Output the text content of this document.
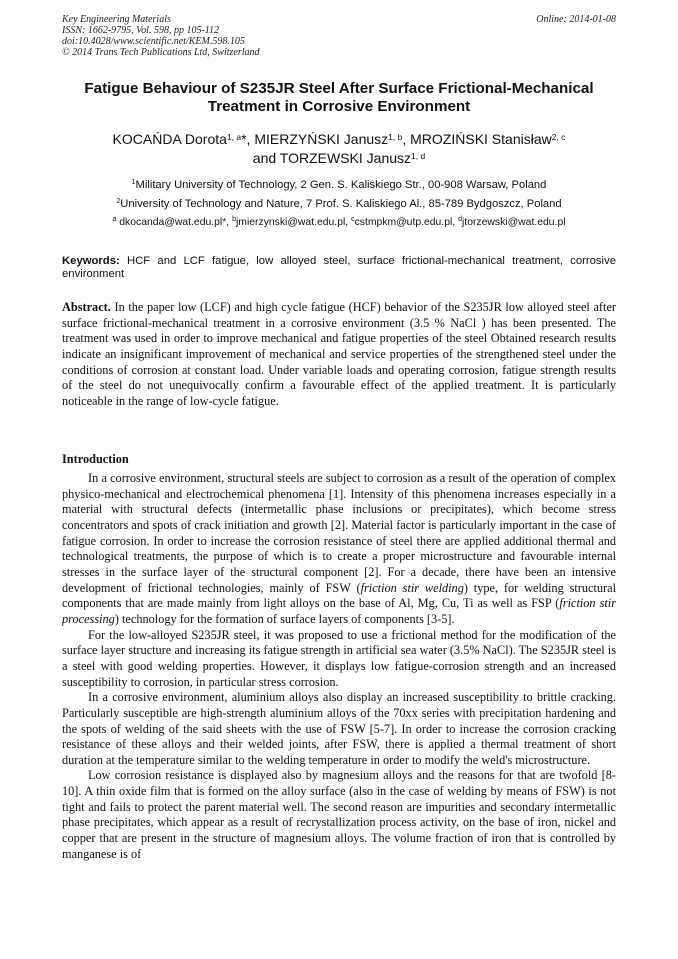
Key Engineering Materials
ISSN: 1662-9795, Vol. 598, pp 105-112
doi:10.4028/www.scientific.net/KEM.598.105
© 2014 Trans Tech Publications Ltd, Switzerland
Online: 2014-01-08
Fatigue Behaviour of S235JR Steel After Surface Frictional-Mechanical
Treatment in Corrosive Environment
KOCAŃDA Dorota$^{1, a}$*, MIERZYŃSKI Janusz$^{1, b}$, MROZIŃSKI Stanisław$^{2, c}$
and TORZEWSKI Janusz$^{1, d}$
$^1$Military University of Technology, 2 Gen. S. Kaliskiego Str., 00-908 Warsaw, Poland
$^2$University of Technology and Nature, 7 Prof. S. Kaliskiego Al., 85-789 Bydgoszcz, Poland
$^a$ dkocanda@wat.edu.pl*, $^b$jmierzynski@wat.edu.pl, $^c$cstmpkm@utp.edu.pl, $^d$jtorzewski@wat.edu.pl
Keywords: HCF and LCF fatigue, low alloyed steel, surface frictional-mechanical treatment, corrosive environment
Abstract. In the paper low (LCF) and high cycle fatigue (HCF) behavior of the S235JR low alloyed steel after surface frictional-mechanical treatment in a corrosive environment (3.5 % NaCl ) has been presented. The treatment was used in order to improve mechanical and fatigue properties of the steel Obtained research results indicate an insignificant improvement of mechanical and service properties of the strengthened steel under the conditions of corrosion at constant load. Under variable loads and operating corrosion, fatigue strength results of the steel do not unequivocally confirm a favourable effect of the applied treatment. It is particularly noticeable in the range of low-cycle fatigue.
Introduction

In a corrosive environment, structural steels are subject to corrosion as a result of the operation of complex physico-mechanical and electrochemical phenomena [1]. Intensity of this phenomena increases especially in a material with structural defects (intermetallic phase inclusions or precipitates), which become stress concentrators and spots of crack initiation and growth [2]. Material factor is particularly important in the case of fatigue corrosion. In order to increase the corrosion resistance of steel there are applied additional thermal and technological treatments, the purpose of which is to create a proper microstructure and favourable internal stresses in the surface layer of the structural component [2]. For a decade, there have been an intensive development of frictional technologies, mainly of FSW (friction stir welding) type, for welding structural components that are made mainly from light alloys on the base of Al, Mg, Cu, Ti as well as FSP (friction stir processing) technology for the formation of surface layers of components [3-5].

For the low-alloyed S235JR steel, it was proposed to use a frictional method for the modification of the surface layer structure and increasing its fatigue strength in artificial sea water (3.5% NaCl). The S235JR steel is a steel with good welding properties. However, it displays low fatigue-corrosion strength and an increased susceptibility to corrosion, in particular stress corrosion.

In a corrosive environment, aluminium alloys also display an increased susceptibility to brittle cracking. Particularly susceptible are high-strength aluminium alloys of the 70xx series with precipitation hardening and the spots of welding of the said sheets with the use of FSW [5-7]. In order to increase the corrosion cracking resistance of these alloys and their welded joints, after FSW, there is applied a thermal treatment of short duration at the temperature similar to the welding temperature in order to modify the weld's microstructure.

Low corrosion resistance is displayed also by magnesium alloys and the reasons for that are twofold [8-10]. A thin oxide film that is formed on the alloy surface (also in the case of welding by means of FSW) is not tight and fails to protect the parent material well. The second reason are impurities and secondary intermetallic phase precipitates, which appear as a result of recrystallization process activity, on the base of iron, nickel and copper that are present in the structure of magnesium alloys. The volume fraction of iron that is controlled by manganese is of
